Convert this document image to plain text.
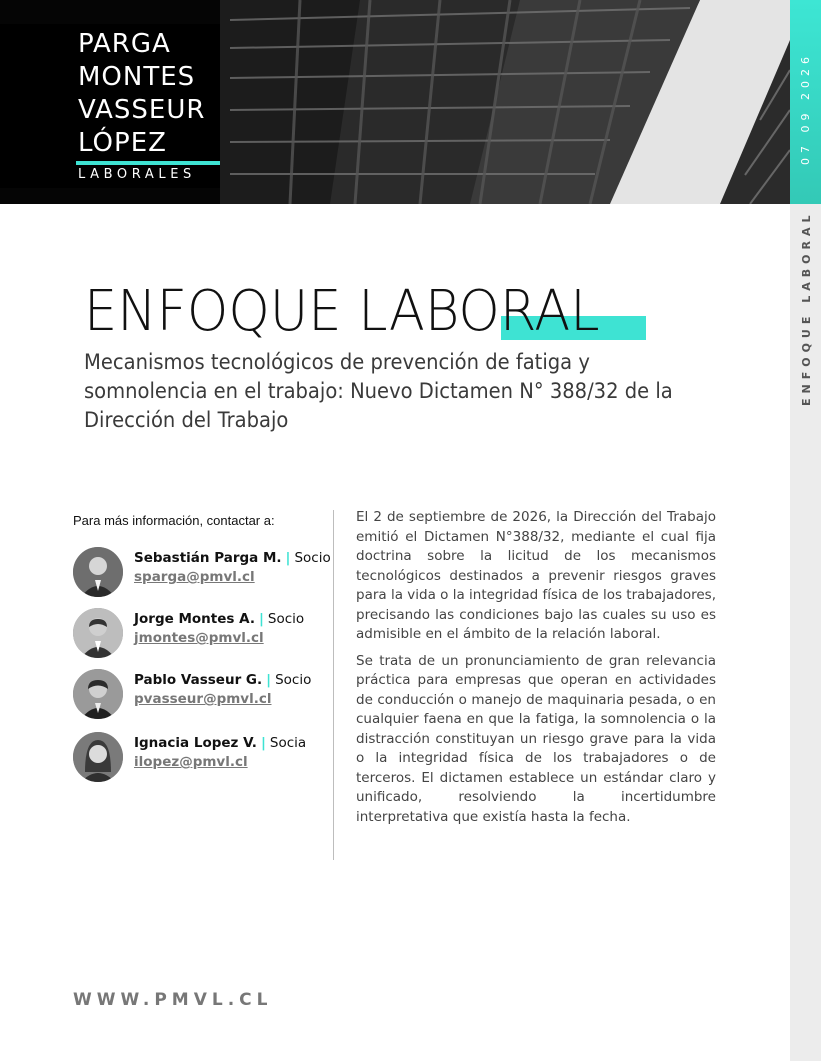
PARGA
MONTES
VASSEUR
LÓPEZ
LABORALES
07 09 2026
ENFOQUE LABORAL
ENFOQUE LABORAL
Mecanismos tecnológicos de prevención de fatiga y somnolencia en el trabajo: Nuevo Dictamen N° 388/32 de la Dirección del Trabajo
Para más información, contactar a:
Sebastián Parga M. | Socio
sparga@pmvl.cl
Jorge Montes A. | Socio
jmontes@pmvl.cl
Pablo Vasseur G. | Socio
pvasseur@pmvl.cl
Ignacia Lopez V. | Socia
ilopez@pmvl.cl

El 2 de septiembre de 2026, la Dirección del Trabajo emitió el Dictamen N°388/32, mediante el cual fija doctrina sobre la licitud de los mecanismos tecnológicos destinados a prevenir riesgos graves para la vida o la integridad física de los trabajadores, precisando las condiciones bajo las cuales su uso es admisible en el ámbito de la relación laboral.

Se trata de un pronunciamiento de gran relevancia práctica para empresas que operan en actividades de conducción o manejo de maquinaria pesada, o en cualquier faena en que la fatiga, la somnolencia o la distracción constituyan un riesgo grave para la vida o la integridad física de los trabajadores o de terceros. El dictamen establece un estándar claro y unificado, resolviendo la incertidumbre interpretativa que existía hasta la fecha.

WWW.PMVL.CL
